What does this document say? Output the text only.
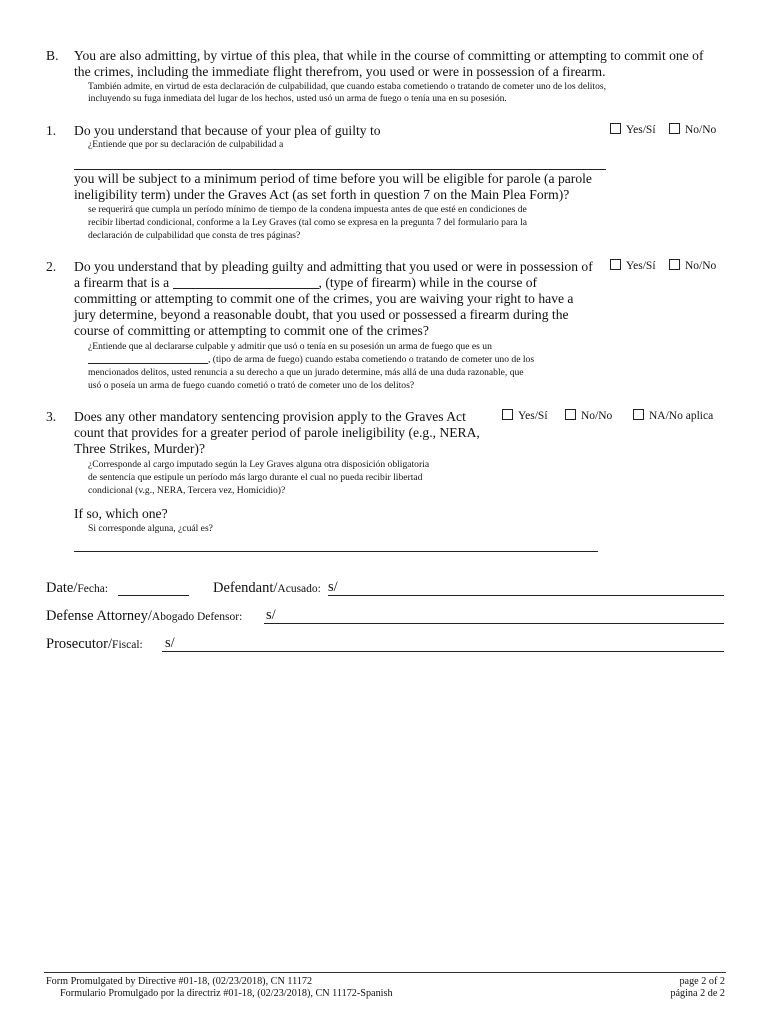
B. You are also admitting, by virtue of this plea, that while in the course of committing or attempting to commit one of
the crimes, including the immediate flight therefrom, you used or were in possession of a firearm.
También admite, en virtud de esta declaración de culpabilidad, que cuando estaba cometiendo o tratando de cometer uno de los delitos,
incluyendo su fuga inmediata del lugar de los hechos, usted usó un arma de fuego o tenía una en su posesión.
1. Do you understand that because of your plea of guilty to
¿Entiende que por su declaración de culpabilidad a
Yes/Sí	No/No
you will be subject to a minimum period of time before you will be eligible for parole (a parole
ineligibility term) under the Graves Act (as set forth in question 7 on the Main Plea Form)?
se requerirá que cumpla un período mínimo de tiempo de la condena impuesta antes de que esté en condiciones de
recibir libertad condicional, conforme a la Ley Graves (tal como se expresa en la pregunta 7 del formulario para la
declaración de culpabilidad que consta de tres páginas?
2. Do you understand that by pleading guilty and admitting that you used or were in possession of	Yes/Sí	No/No
a firearm that is a	, (type of firearm) while in the course of
committing or attempting to commit one of the crimes, you are waiving your right to have a
jury determine, beyond a reasonable doubt, that you used or possessed a firearm during the
course of committing or attempting to commit one of the crimes?
¿Entiende que al declararse culpable y admitir que usó o tenía en su posesión un arma de fuego que es un
, (tipo de arma de fuego) cuando estaba cometiendo o tratando de cometer uno de los
mencionados delitos, usted renuncia a su derecho a que un jurado determine, más allá de una duda razonable, que
usó o poseía un arma de fuego cuando cometió o trató de cometer uno de los delitos?
3. Does any other mandatory sentencing provision apply to the Graves Act
count that provides for a greater period of parole ineligibility (e.g., NERA,
Three Strikes, Murder)?
Yes/Sí	No/No	NA/No aplica
¿Corresponde al cargo imputado según la Ley Graves alguna otra disposición obligatoria
de sentencia que estipule un período más largo durante el cual no pueda recibir libertad
condicional (v.g., NERA, Tercera vez, Homicidio)?
If so, which one?
Si corresponde alguna, ¿cuál es?
Date/Fecha:	Defendant/Acusado: s/
Defense Attorney/Abogado Defensor: s/
Prosecutor/Fiscal: s/
Form Promulgated by Directive #01-18, (02/23/2018), CN 11172
Formulario Promulgado por la directriz #01-18, (02/23/2018), CN 11172-Spanish
page 2 of 2
página 2 de 2
